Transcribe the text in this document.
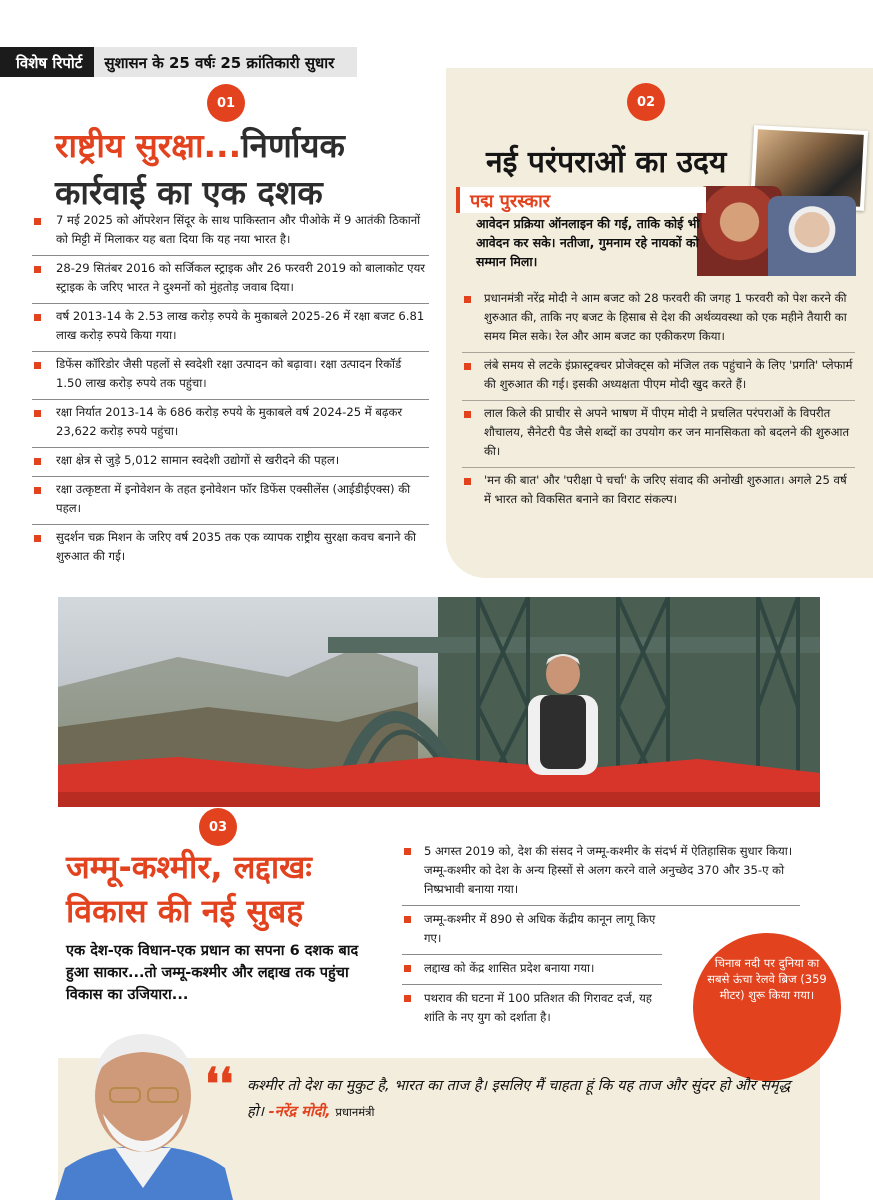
विशेष रिपोर्ट	सुशासन के 25 वर्षः 25 क्रांतिकारी सुधार
01
राष्ट्रीय सुरक्षा...निर्णायक
कार्रवाई का एक दशक
7 मई 2025 को ऑपरेशन सिंदूर के साथ पाकिस्तान और पीओके में 9 आतंकी ठिकानों को मिट्टी में मिलाकर यह बता दिया कि यह नया भारत है।
28-29 सितंबर 2016 को सर्जिकल स्ट्राइक और 26 फरवरी 2019 को बालाकोट एयर स्ट्राइक के जरिए भारत ने दुश्मनों को मुंहतोड़ जवाब दिया।
वर्ष 2013-14 के 2.53 लाख करोड़ रुपये के मुकाबले 2025-26 में रक्षा बजट 6.81 लाख करोड़ रुपये किया गया।
डिफेंस कॉरिडोर जैसी पहलों से स्वदेशी रक्षा उत्पादन को बढ़ावा। रक्षा उत्पादन रिकॉर्ड 1.50 लाख करोड़ रुपये तक पहुंचा।
रक्षा निर्यात 2013-14 के 686 करोड़ रुपये के मुकाबले वर्ष 2024-25 में बढ़कर 23,622 करोड़ रुपये पहुंचा।
रक्षा क्षेत्र से जुड़े 5,012 सामान स्वदेशी उद्योगों से खरीदने की पहल।
रक्षा उत्कृष्टता में इनोवेशन के तहत इनोवेशन फॉर डिफेंस एक्सीलेंस (आईडीईएक्स) की पहल।
सुदर्शन चक्र मिशन के जरिए वर्ष 2035 तक एक व्यापक राष्ट्रीय सुरक्षा कवच बनाने की शुरुआत की गई।
02
नई परंपराओं का उदय
पद्म पुरस्कार
आवेदन प्रक्रिया ऑनलाइन की गई, ताकि कोई भी आवेदन कर सके। नतीजा, गुमनाम रहे नायकों को सम्मान मिला।
प्रधानमंत्री नरेंद्र मोदी ने आम बजट को 28 फरवरी की जगह 1 फरवरी को पेश करने की शुरुआत की, ताकि नए बजट के हिसाब से देश की अर्थव्यवस्था को एक महीने तैयारी का समय मिल सके। रेल और आम बजट का एकीकरण किया।
लंबे समय से लटके इंफ्रास्ट्रक्चर प्रोजेक्ट्स को मंजिल तक पहुंचाने के लिए 'प्रगति' प्लेफार्म की शुरुआत की गई। इसकी अध्यक्षता पीएम मोदी खुद करते हैं।
लाल किले की प्राचीर से अपने भाषण में पीएम मोदी ने प्रचलित परंपराओं के विपरीत शौचालय, सैनेटरी पैड जैसे शब्दों का उपयोग कर जन मानसिकता को बदलने की शुरुआत की।
'मन की बात' और 'परीक्षा पे चर्चा' के जरिए संवाद की अनोखी शुरुआत। अगले 25 वर्ष में भारत को विकसित बनाने का विराट संकल्प।
03
जम्मू-कश्मीर, लद्दाखः
विकास की नई सुबह
एक देश-एक विधान-एक प्रधान का सपना 6 दशक बाद हुआ साकार...तो जम्मू-कश्मीर और लद्दाख तक पहुंचा विकास का उजियारा...
5 अगस्त 2019 को, देश की संसद ने जम्मू-कश्मीर के संदर्भ में ऐतिहासिक सुधार किया। जम्मू-कश्मीर को देश के अन्य हिस्सों से अलग करने वाले अनुच्छेद 370 और 35-ए को निष्प्रभावी बनाया गया।
जम्मू-कश्मीर में 890 से अधिक केंद्रीय कानून लागू किए गए।
लद्दाख को केंद्र शासित प्रदेश बनाया गया।
पथराव की घटना में 100 प्रतिशत की गिरावट दर्ज, यह शांति के नए युग को दर्शाता है।
चिनाब नदी पर दुनिया का सबसे ऊंचा रेलवे ब्रिज (359 मीटर) शुरू किया गया।
❛❛ कश्मीर तो देश का मुकुट है, भारत का ताज है। इसलिए मैं चाहता हूं कि यह ताज और सुंदर हो और समृद्ध हो। -नरेंद्र मोदी, प्रधानमंत्री
